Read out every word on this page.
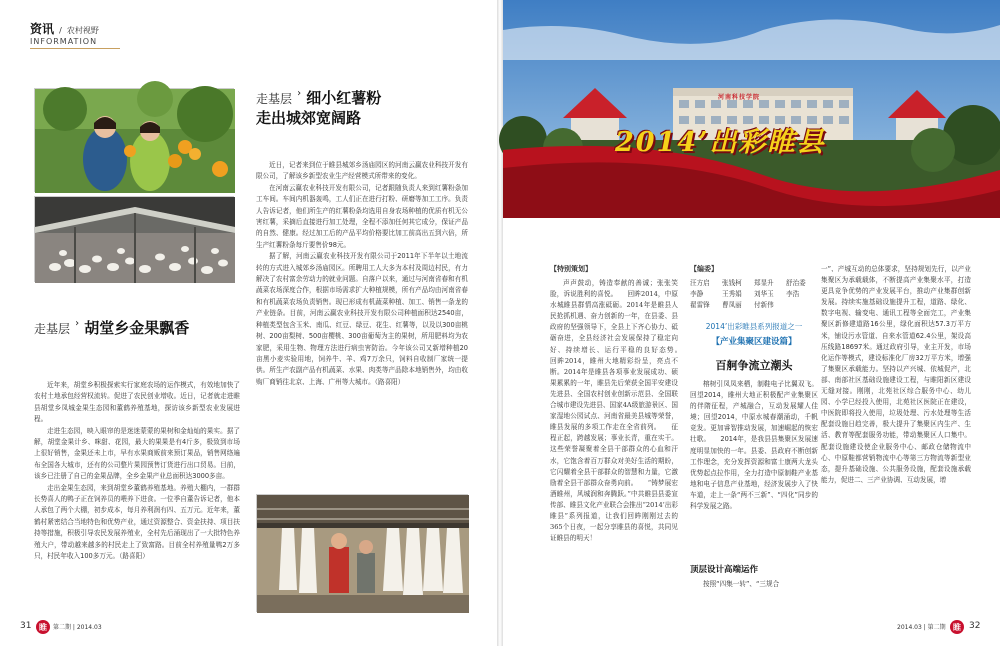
资讯 / 农村视野
INFORMATION
走基层 › 细小红薯粉
走出城郊宽阔路

近日，记者来到位于睢县城郊乡汤庙园区的河南云赢农业科技开发有限公司，了解该乡新型农业生产经营模式所带来的变化。

在河南云赢农业科技开发有限公司，记者跟随负责人来到红薯粉条加工车间。车间内机器轰鸣，工人们正在进行打粉、研磨等加工工序。负责人告诉记者，他们所生产的红薯粉条均选用自身农场种植的优质有机无公害红薯，采摘后直接进行加工处理，全程不添加任何其它成分，保证产品的自然、健康。经过加工后的产品平均价格要比加工前高出五到六倍，所生产红薯粉条每斤要售价98元。

据了解，河南云赢农业科技开发有限公司于2011年下半年以土地流转的方式进入城郊乡汤庙园区。所聘用工人大多为本村及周边村民，有力解决了农村富余劳动力的就业问题。自落户以来，通过与河南省春和有机蔬菜农场深度合作，根据市场需求扩大种植规模，所有产品均由河南省春和有机蔬菜农场负责销售。现已形成有机蔬菜种植、加工、销售一条龙的产业链条。目前，河南云赢农业科技开发有限公司种植面积达2540亩，种植类型包含玉米、南瓜、红豆、绿豆、花生、红薯等，以及以300亩桃树、200亩梨树、500亩樱桃、300亩葡萄为主的果树，所用肥料均为农家肥，采用生物、物理方法进行病虫害防治。今年该公司又新增种植20亩黑小麦实验用地，饲养牛、羊、鸡7万余只，饲料自收制厂家统一提供。所生产农副产品有机蔬菜、水果、肉类等产品除本地销售外，均由收购厂商销往北京、上海、广州等大城市。（路喜阳）

走基层 › 胡堂乡金果飘香

近年来，胡堂乡积极探索实行家庭农场的运作模式，有效地加快了农村土地承包经营权流转。促进了农民创业增收。近日，记者就走进睢县胡堂乡凤城金果生态园和董鹤养殖基地，探访该乡新型农业发展进程。

走进生态园，映入眼帘的是迷迷蒙蒙的果树和金灿灿的果实。据了解，胡堂金果计乡、咪甜、花园，最大的果果是有4斤多，极致到市场上很好销售，金果还未上市，早有水果商贩前来预订果品，销售网络遍布全国各大城市，还有的公司整片果园预售订货进行出口贸易。目前，该乡已注册了自己的金果品牌，全乡金果产业总面积达3000多亩。

走出金果生态园，来到胡堂乡董鹤养殖基地。养殖大棚内，一群群长势喜人的鸭子正在饲养员的喂养下进食。一位季自董告诉记者，他本人承包了两个大棚，初步成本，每月养利润有四、五万元。近年来，董鹤村紧密结合当地特色和优势产业，通过资源整合、资金扶持、项目扶持等措施，积极引导农民发展养殖业，全村先后涌现出了一大批特色养殖大户，带动越来越多的村民走上了致富路。目前全村养殖量鸭2万多只，村民年收入100多万元。（路喜阳）

31 睢	第二期 | 2014.03
河南科技学院
2014’出彩睢县
【特别策划】

声声鼓动，铸造奉献的善诚；张张笑脸，诉说胜利的喜悦。　　回眸2014，中原水城睢县群情高涨砥砺。2014年是睢县人民抢抓机遇、奋力创新的一年，在县委、县政府的坚强领导下，全县上下齐心协力、砥砺奋进，全县经济社会发展保持了稳定向好、持续增长、运行平稳的良好态势。　　回眸2014，睢州大地精彩纷呈，亮点不断。2014年是睢县各项事业发展成功、硕果累累的一年，睢县先后荣获全国平安建设先进县、全国农村创业创新示范县、全国联合城市建设先进县、国家4A级旅游景区、国家湿地公园试点、河南省最美县城等荣誉，睢县发展的多项工作走在全省前列。　　征程正起，跨越发展；事业长青，重在实干。这些荣誉凝聚着全县干部群众的心血和汗水，它饱含着百万群众对美好生活的期盼，它闪耀着全县干部群众的智慧和力量，它激励着全县干部群众奋勇向前。　　“铸梦展宏酒睢州，风城润和奔腾跃。”中共睢县县委宣传部、睢县文化产业联合会推出“2014’出彩睢县”系列报道，让我们回眸刚刚过去的365个日夜，一起分享睢县的喜悦，共同见证睢县的明天！

【编委】
汪方启	张钱柯	郑显升	舒治委
李静	王秀娟	刘华玉	李浩
翟雷锋	曹凤丽	付新伟
2014’出彩睢县系列报道之一
【产业集聚区建设篇】
百舸争流立潮头

榕树引凤凤来栖，制鞋电子比翼双飞。回望2014，睢州大地正积极配产业集聚区的伴隋征程，产城融合，互动发展耀人佳境；回望2014，中原水城春潮涌动，千帆竞发。更加睿智推动发展，加速崛起的恢宏壮歌。　　2014年，是我县县集聚区发展速度明显加快的一年。县委、县政府不断创新工作理念，充分发挥资源和富士康两大龙头优势起点拉作用，全力打造中原制鞋产业基地和电子信息产业基地，经济发展步入了快车道，走上一条“两不三新”、“四化”同步的科学发展之路。

顶层设计高端运作

按照“四集一转”、“三规合

一”、产城互动的总体要求，坚持规划先行，以产业集聚区为承载载体，不断提高产业集聚水平，打造更具竞争优势的产业发展平台，推动产业集群创新发展。持续实施基础设施提升工程，道路、绿化、数字电视、输变电、通讯工程等全面完工，产业集聚区新修建道路16公里，绿化面积达57.3万平方米，铺设污水管道、自来水管道62.4公里，架设高压线路18697米。通过政府引导，业主开发，市场化运作等模式，建设标准化厂房32万平方米，增强了集聚区承载能力。坚持以产兴城、依城促产，北部、南部社区基础设施建设工程，与睢阳新区建设无缝对接。刚刚，北苑社区综合服务中心、幼儿园、小学已经投入使用，北苑社区医院正在建设，中医院即将投入使用，垃圾处理、污水处理等生活配套设施日趋完善，极大提升了集聚区内生产、生活、教育等配套服务功能，带动集聚区人口集中。配套设施建设使企业服务中心、邮政仓储物流中心、中原鞋都营销物流中心等第三方物流等新型业态，提升基础设施、公共服务设施，配套设施承载能力，促进二、三产业协调、互动发展，增

2014.03 | 第二期 睢 32
